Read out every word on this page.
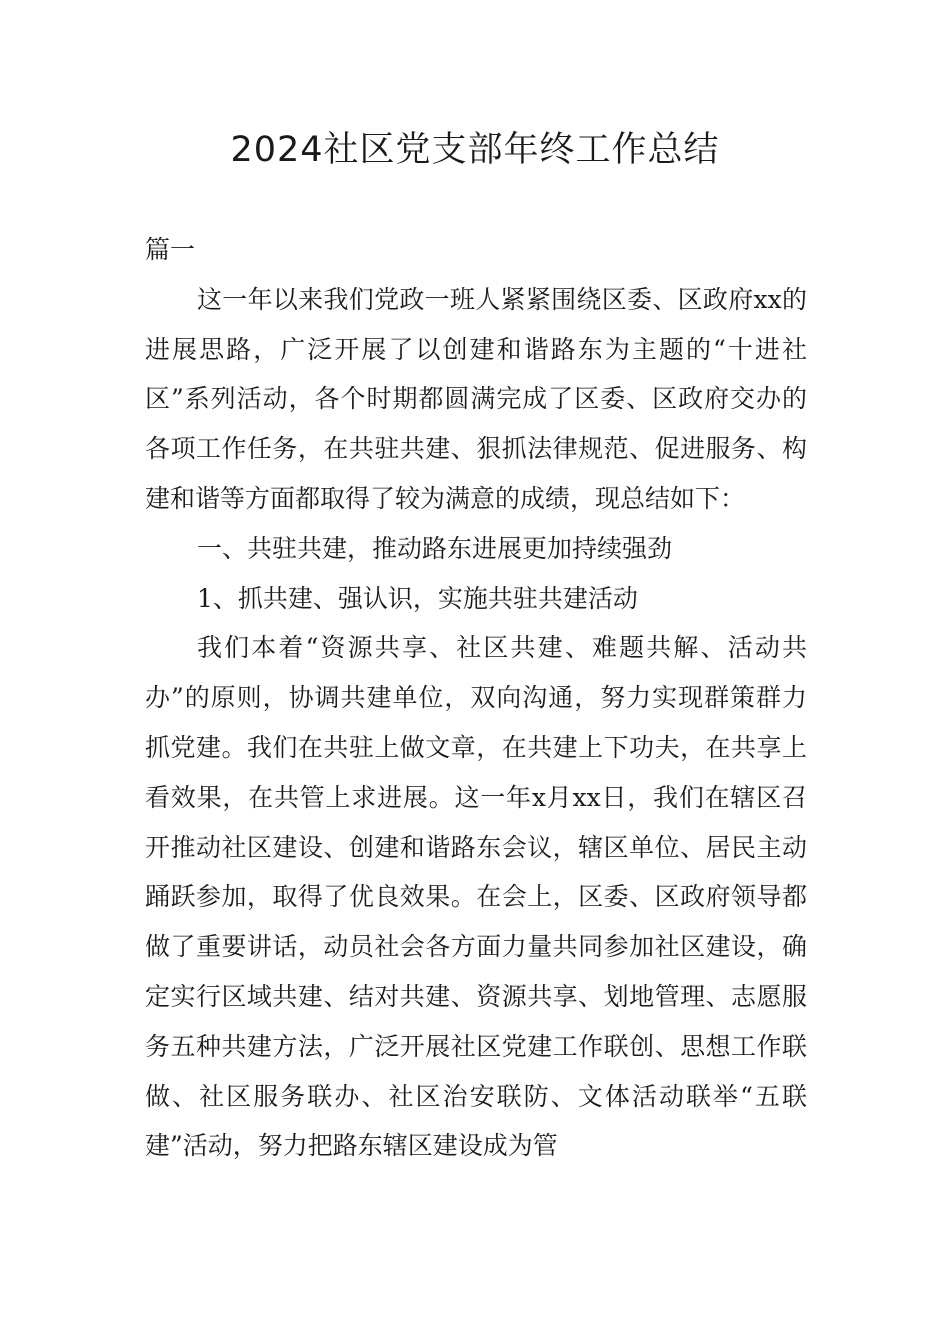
2024社区党支部年终工作总结

篇一

这一年以来我们党政一班人紧紧围绕区委、区政府xx的进展思路，广泛开展了以创建和谐路东为主题的“十进社区”系列活动，各个时期都圆满完成了区委、区政府交办的各项工作任务，在共驻共建、狠抓法律规范、促进服务、构建和谐等方面都取得了较为满意的成绩，现总结如下：

一、共驻共建，推动路东进展更加持续强劲

1、抓共建、强认识，实施共驻共建活动

我们本着“资源共享、社区共建、难题共解、活动共办”的原则，协调共建单位，双向沟通，努力实现群策群力抓党建。我们在共驻上做文章，在共建上下功夫，在共享上看效果，在共管上求进展。这一年x月xx日，我们在辖区召开推动社区建设、创建和谐路东会议，辖区单位、居民主动踊跃参加，取得了优良效果。在会上，区委、区政府领导都做了重要讲话，动员社会各方面力量共同参加社区建设，确定实行区域共建、结对共建、资源共享、划地管理、志愿服务五种共建方法，广泛开展社区党建工作联创、思想工作联做、社区服务联办、社区治安联防、文体活动联举“五联建”活动，努力把路东辖区建设成为管
